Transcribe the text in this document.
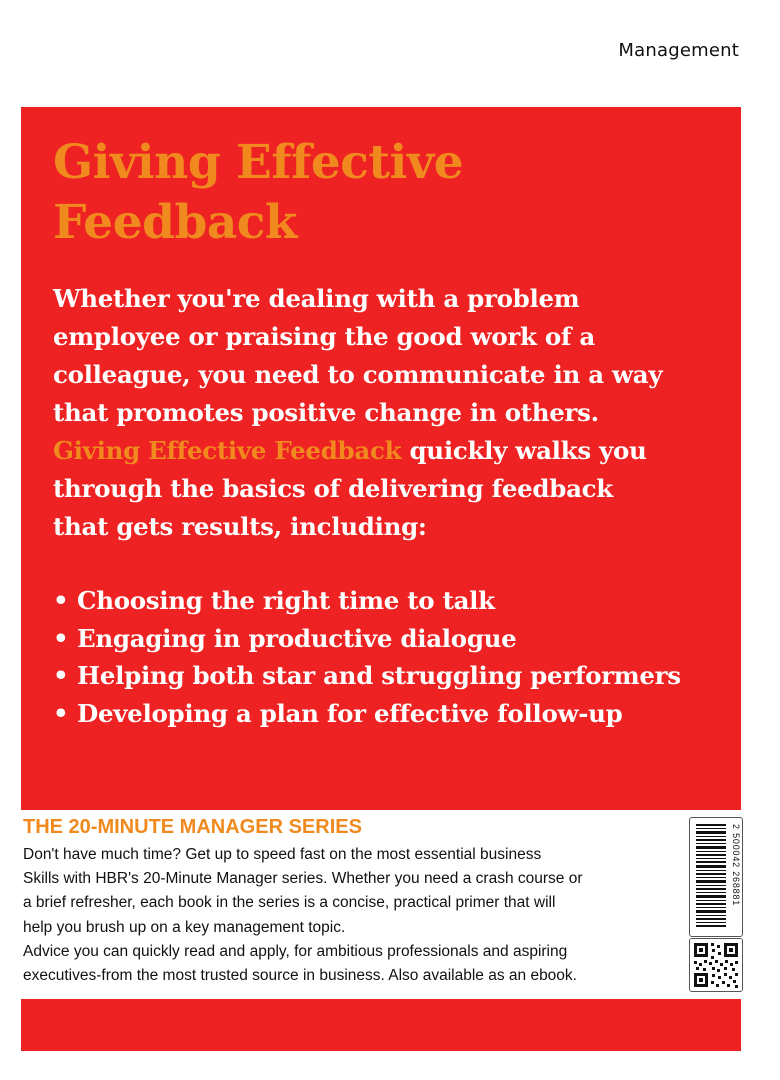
Management
Giving Effective
Feedback

Whether you're dealing with a problem
employee or praising the good work of a
colleague, you need to communicate in a way
that promotes positive change in others.
Giving Effective Feedback quickly walks you
through the basics of delivering feedback
that gets results, including:

• Choosing the right time to talk
• Engaging in productive dialogue
• Helping both star and struggling performers
• Developing a plan for effective follow-up
THE 20-MINUTE MANAGER SERIES

Don't have much time? Get up to speed fast on the most essential business
Skills with HBR's 20-Minute Manager series. Whether you need a crash course or
a brief refresher, each book in the series is a concise, practical primer that will
help you brush up on a key management topic.
Advice you can quickly read and apply, for ambitious professionals and aspiring
executives-from the most trusted source in business. Also available as an ebook.

2 500042 268881
